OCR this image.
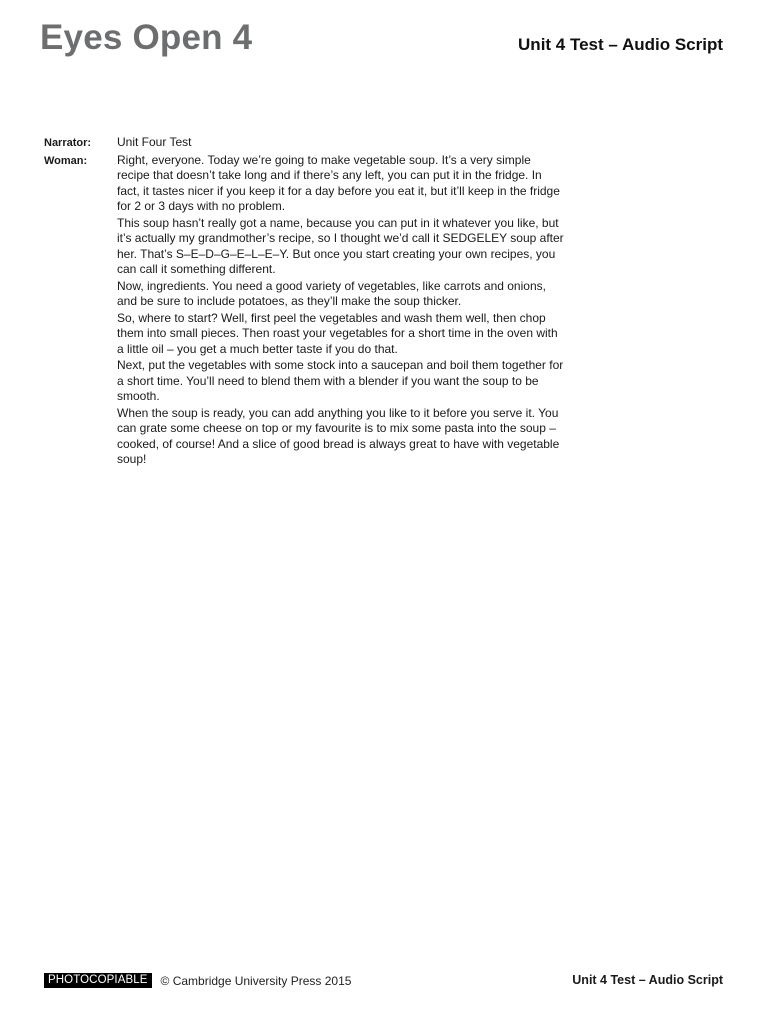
Eyes Open 4	Unit 4 Test – Audio Script
Narrator:	Unit Four Test

Woman:	Right, everyone. Today we’re going to make vegetable soup. It’s a very simple recipe that doesn’t take long and if there’s any left, you can put it in the fridge. In fact, it tastes nicer if you keep it for a day before you eat it, but it’ll keep in the fridge for 2 or 3 days with no problem.

This soup hasn’t really got a name, because you can put in it whatever you like, but it’s actually my grandmother’s recipe, so I thought we’d call it SEDGELEY soup after her. That’s S–E–D–G–E–L–E–Y. But once you start creating your own recipes, you can call it something different.

Now, ingredients. You need a good variety of vegetables, like carrots and onions, and be sure to include potatoes, as they’ll make the soup thicker.

So, where to start? Well, first peel the vegetables and wash them well, then chop them into small pieces. Then roast your vegetables for a short time in the oven with a little oil – you get a much better taste if you do that.

Next, put the vegetables with some stock into a saucepan and boil them together for a short time. You’ll need to blend them with a blender if you want the soup to be smooth.

When the soup is ready, you can add anything you like to it before you serve it. You can grate some cheese on top or my favourite is to mix some pasta into the soup – cooked, of course! And a slice of good bread is always great to have with vegetable soup!

PHOTOCOPIABLE	© Cambridge University Press 2015	Unit 4 Test – Audio Script
